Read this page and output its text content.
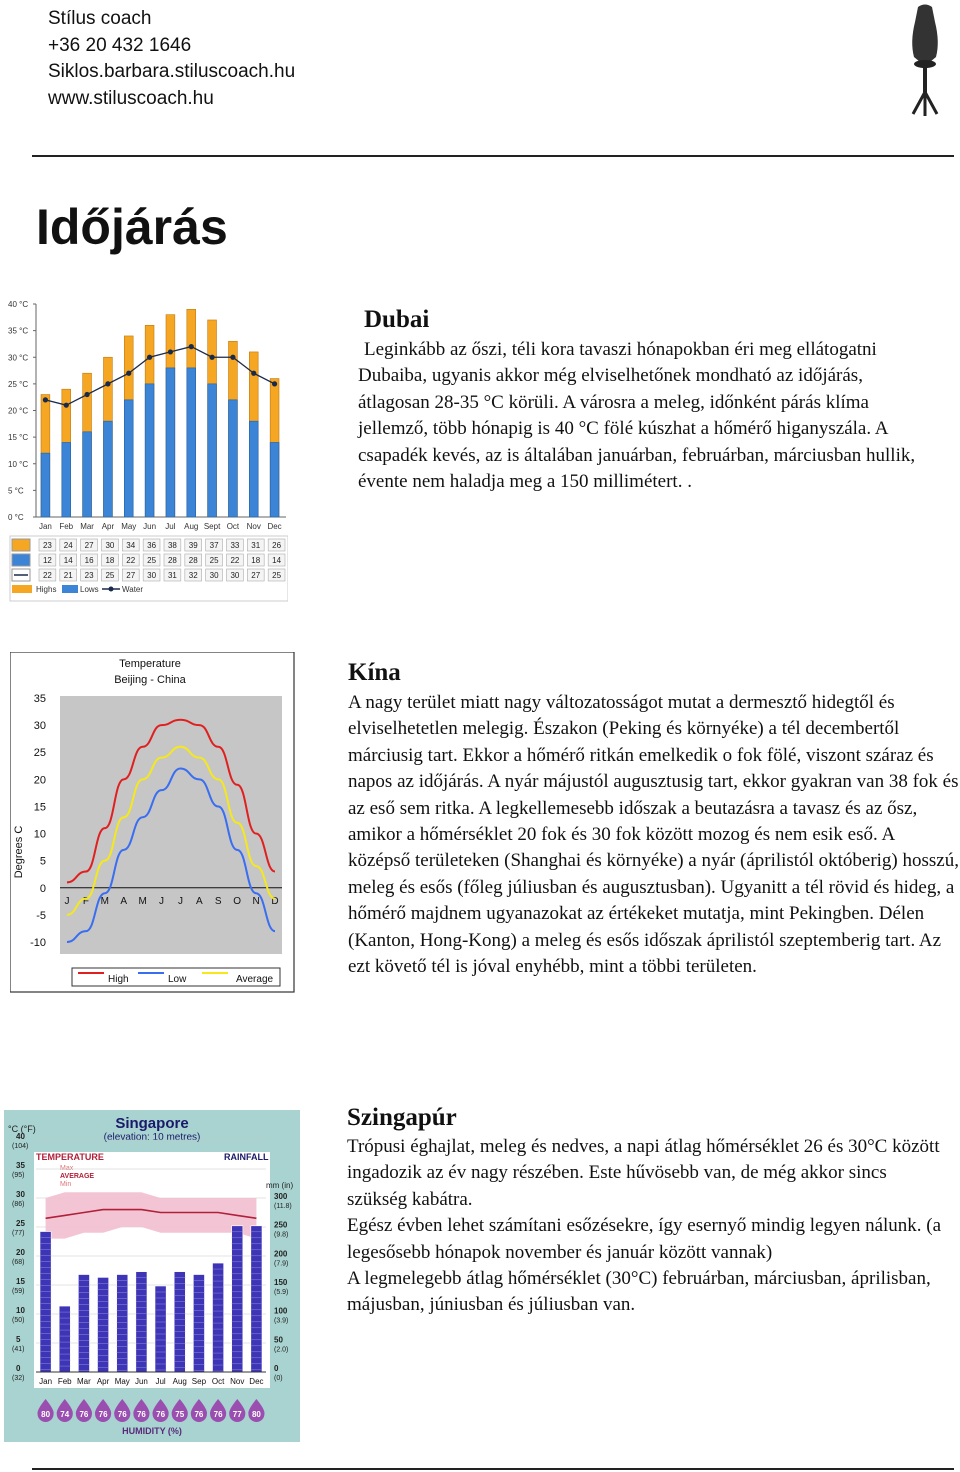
Stílus coach
+36 20 432 1646
Siklos.barbara.stiluscoach.hu
www.stiluscoach.hu
Időjárás
0 °C
5 °C
10 °C
15 °C
20 °C
25 °C
30 °C
35 °C
40 °C
Jan Feb Mar Apr May Jun Jul Aug Sept Oct Nov Dec
23 24 27 30 34 36 38 39 37 33 31 26
12 14 16 18 22 25 28 28 25 22 18 14
22 21 23 25 27 30 31 32 30 30 27 25
Highs	Lows	Water
Dubai

Leginkább az őszi, téli kora tavaszi hónapokban éri meg ellátogatni Dubaiba, ugyanis akkor még elviselhetőnek mondható az időjárás, átlagosan 28-35 °C körüli. A városra a meleg, időnként párás klíma jellemző, több hónapig is 40 °C fölé kúszhat a hőmérő higanyszála. A csapadék kevés, az is általában januárban, februárban, márciusban hullik, évente nem haladja meg a 150 millimétert. .

Temperature
Beijing - China
35
30
25
20
15
10
5
0
-5
-10
Degrees C
J F M A M J J A S O N D
High	Low	Average
Kína

A nagy terület miatt nagy változatosságot mutat a dermesztő hidegtől és elviselhetetlen melegig. Északon (Peking és környéke) a tél decembertől márciusig tart. Ekkor a hőmérő ritkán emelkedik o fok fölé, viszont száraz és napos az időjárás. A nyár májustól augusztusig tart, ekkor gyakran van 38 fok és az eső sem ritka. A legkellemesebb időszak a beutazásra a tavasz és az ősz, amikor a hőmérséklet 20 fok és 30 fok között mozog és nem esik eső. A középső területeken (Shanghai és környéke) a nyár (áprilistól októberig) hosszú, meleg és esős (főleg júliusban és augusztusban). Ugyanitt a tél rövid és hideg, a hőmérő majdnem ugyanazokat az értékeket mutatja, mint Pekingben. Délen (Kanton, Hong-Kong) a meleg és esős időszak áprilistól szeptemberig tart. Az ezt követő tél is jóval enyhébb, mint a többi területen.

Singapore
(elevation: 10 metres)
°C (°F)
mm (in)
TEMPERATURE
Max
AVERAGE
Min
RAINFALL
0
(32)
5
(41)
10
(50)
15
(59)
20
(68)
25
(77)
30
(86)
35
(95)
40
(104)
0
(0)
50
(2.0)
100
(3.9)
150
(5.9)
200
(7.9)
250
(9.8)
300
(11.8)
Jan Feb Mar Apr May Jun Jul Aug Sep Oct Nov Dec
80 74 76 76 76 76 76 75 76 76 77 80
HUMIDITY (%)
Szingapúr

Trópusi éghajlat, meleg és nedves, a napi átlag hőmérséklet 26 és 30°C között ingadozik az év nagy részében. Este hűvösebb van, de még akkor sincs szükség kabátra.

Egész évben lehet számítani esőzésekre, így esernyő mindig legyen nálunk. (a legesősebb hónapok november és január között vannak)

A legmelegebb átlag hőmérséklet (30°C) februárban, márciusban, áprilisban, májusban, júniusban és júliusban van.
